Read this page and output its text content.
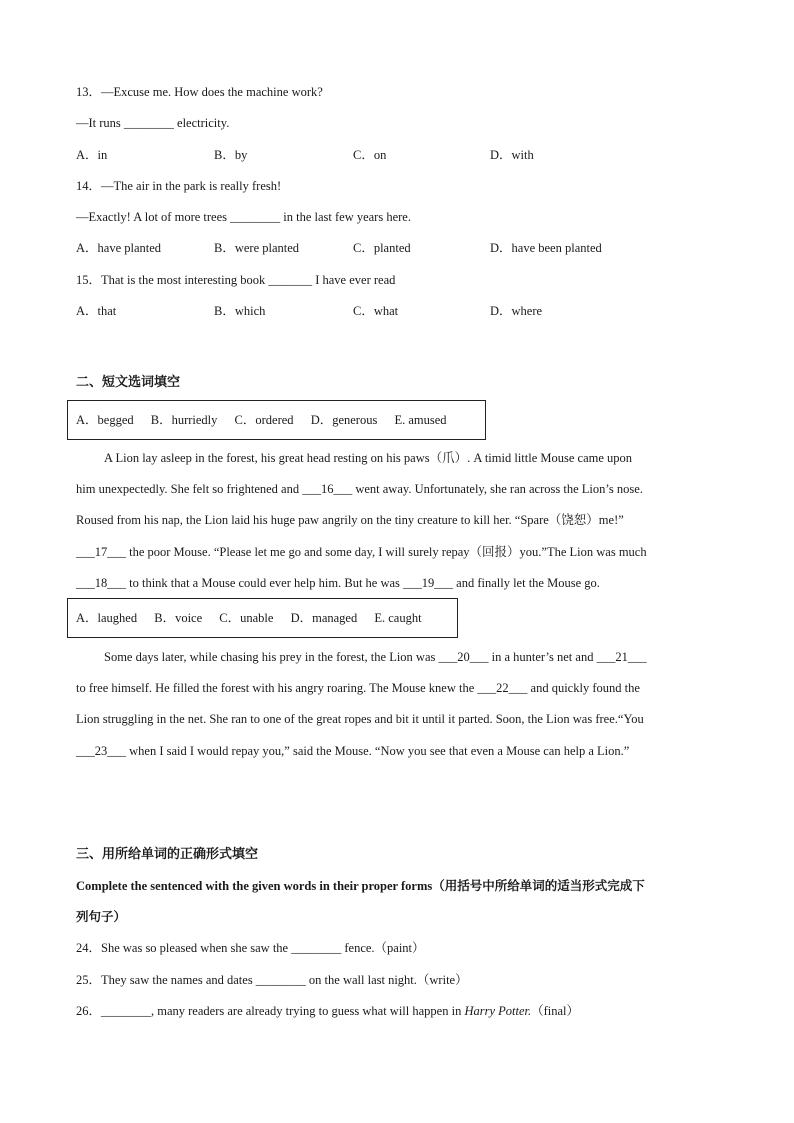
13．—Excuse me. How does the machine work?
—It runs ________ electricity.
A．in	B．by	C．on	D．with
14．—The air in the park is really fresh!
—Exactly! A lot of more trees ________ in the last few years here.
A．have planted	B．were planted	C．planted	D．have been planted
15．That is the most interesting book _______ I have ever read
A．that	B．which	C．what	D．where
二、短文选词填空
A．begged B．hurriedly C．ordered D．generous E. amused
A Lion lay asleep in the forest, his great head resting on his paws（爪）. A timid little Mouse came upon
him unexpectedly. She felt so frightened and ___16___ went away. Unfortunately, she ran across the Lion’s nose.
Roused from his nap, the Lion laid his huge paw angrily on the tiny creature to kill her. “Spare（饶恕）me!”
___17___ the poor Mouse. “Please let me go and some day, I will surely repay（回报）you.”The Lion was much
___18___ to think that a Mouse could ever help him. But he was ___19___ and finally let the Mouse go.
A．laughed B．voice C．unable D．managed E. caught
Some days later, while chasing his prey in the forest, the Lion was ___20___ in a hunter’s net and ___21___
to free himself. He filled the forest with his angry roaring. The Mouse knew the ___22___ and quickly found the
Lion struggling in the net. She ran to one of the great ropes and bit it until it parted. Soon, the Lion was free.“You
___23___ when I said I would repay you,” said the Mouse. “Now you see that even a Mouse can help a Lion.”
三、用所给单词的正确形式填空
Complete the sentenced with the given words in their proper forms（用括号中所给单词的适当形式完成下
列句子）
24．She was so pleased when she saw the ________ fence.（paint）
25．They saw the names and dates ________ on the wall last night.（write）
26．________, many readers are already trying to guess what will happen in Harry Potter.（final）
